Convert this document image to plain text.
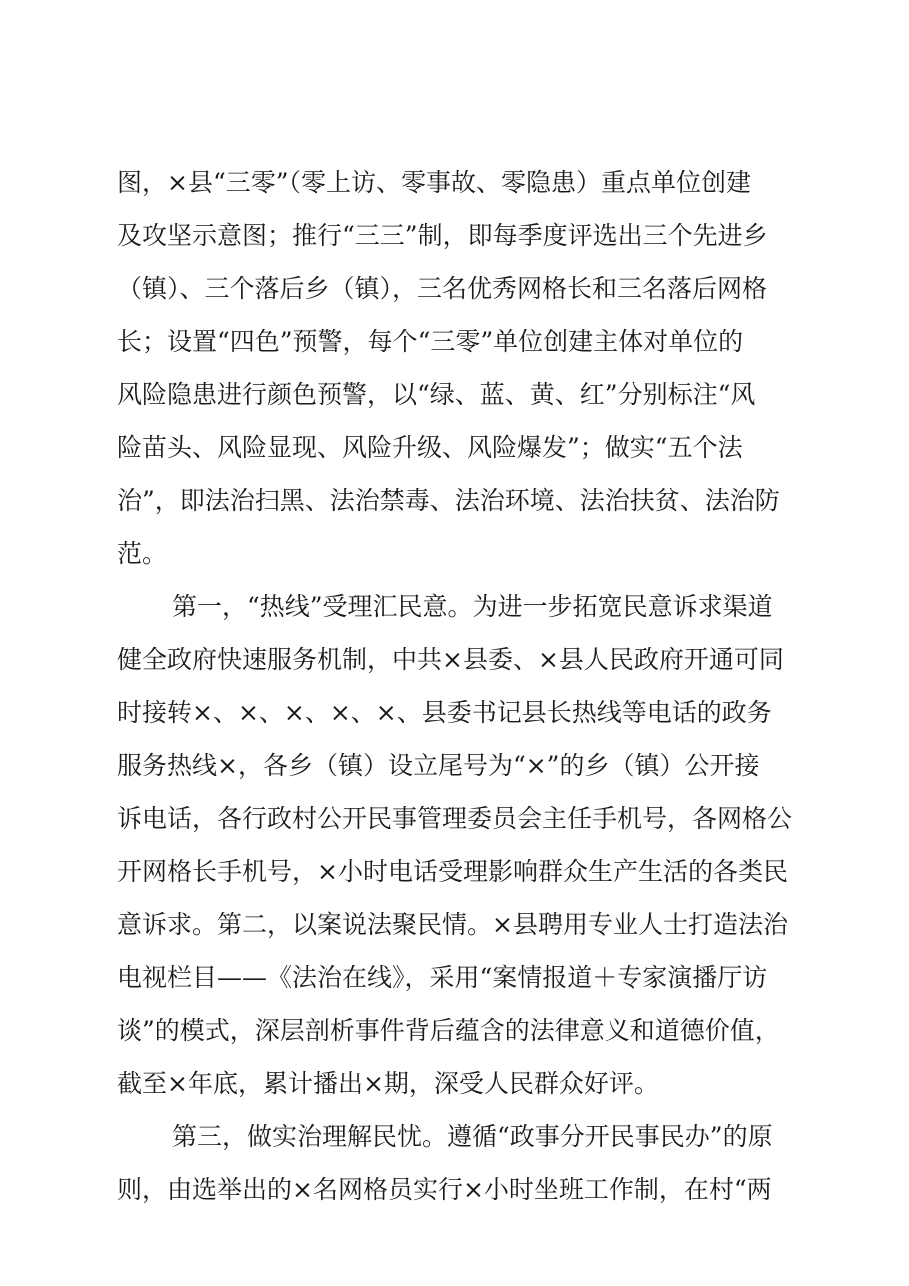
图，×县“三零”（零上访、零事故、零隐患）重点单位创建
及攻坚示意图；推行“三三”制，即每季度评选出三个先进乡
（镇）、三个落后乡（镇），三名优秀网格长和三名落后网格
长；设置“四色”预警，每个“三零”单位创建主体对单位的
风险隐患进行颜色预警，以“绿、蓝、黄、红”分别标注“风
险苗头、风险显现、风险升级、风险爆发”；做实“五个法
治”，即法治扫黑、法治禁毒、法治环境、法治扶贫、法治防
范。
第一，“热线”受理汇民意。为进一步拓宽民意诉求渠道
健全政府快速服务机制，中共×县委、×县人民政府开通可同
时接转×、×、×、×、×、县委书记县长热线等电话的政务
服务热线×，各乡（镇）设立尾号为“×”的乡（镇）公开接
诉电话，各行政村公开民事管理委员会主任手机号，各网格公
开网格长手机号，×小时电话受理影响群众生产生活的各类民
意诉求。第二，以案说法聚民情。×县聘用专业人士打造法治
电视栏目——《法治在线》，采用“案情报道＋专家演播厅访
谈”的模式，深层剖析事件背后蕴含的法律意义和道德价值，
截至×年底，累计播出×期，深受人民群众好评。
第三，做实治理解民忧。遵循“政事分开民事民办”的原
则，由选举出的×名网格员实行×小时坐班工作制，在村“两
